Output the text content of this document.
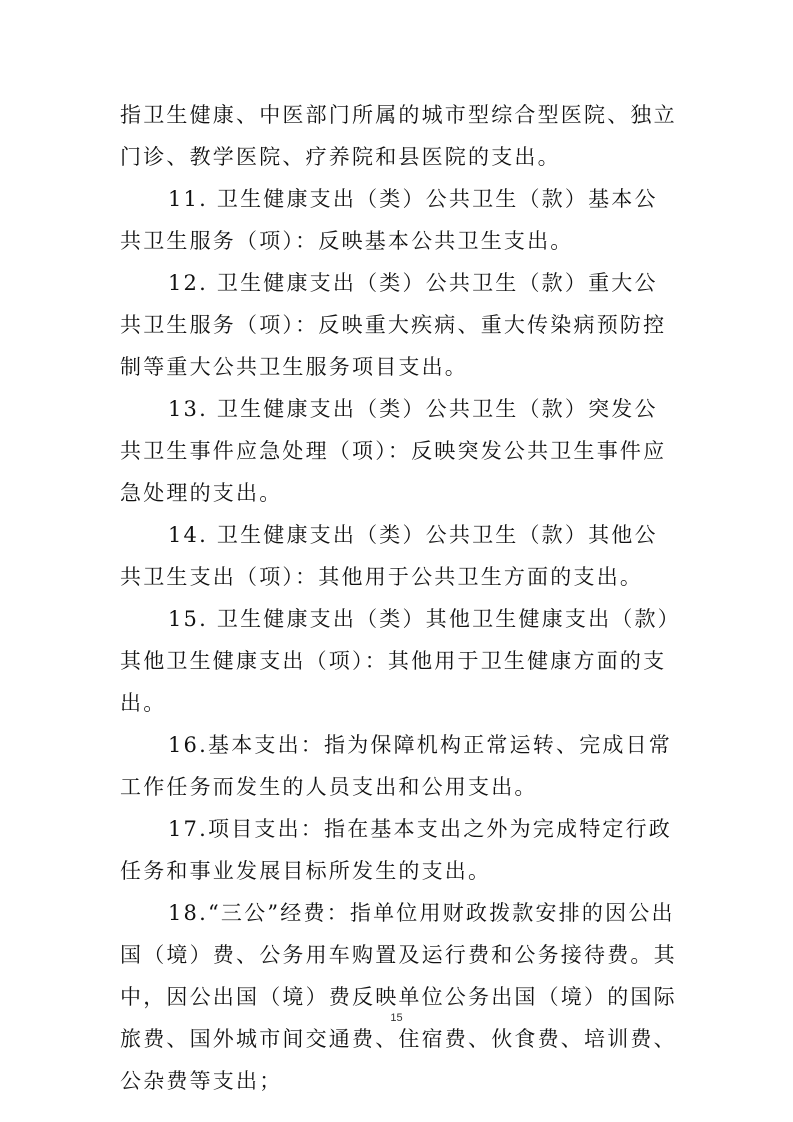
指卫生健康、中医部门所属的城市型综合型医院、独立门诊、教学医院、疗养院和县医院的支出。

11. 卫生健康支出（类）公共卫生（款）基本公共卫生服务（项）：反映基本公共卫生支出。

12. 卫生健康支出（类）公共卫生（款）重大公共卫生服务（项）：反映重大疾病、重大传染病预防控制等重大公共卫生服务项目支出。

13. 卫生健康支出（类）公共卫生（款）突发公共卫生事件应急处理（项）：反映突发公共卫生事件应急处理的支出。

14. 卫生健康支出（类）公共卫生（款）其他公共卫生支出（项）：其他用于公共卫生方面的支出。

15. 卫生健康支出（类）其他卫生健康支出（款）其他卫生健康支出（项）：其他用于卫生健康方面的支出。

16.基本支出：指为保障机构正常运转、完成日常工作任务而发生的人员支出和公用支出。

17.项目支出：指在基本支出之外为完成特定行政任务和事业发展目标所发生的支出。

18.“三公”经费：指单位用财政拨款安排的因公出国（境）费、公务用车购置及运行费和公务接待费。其中，因公出国（境）费反映单位公务出国（境）的国际旅费、国外城市间交通费、住宿费、伙食费、培训费、公杂费等支出；

15
